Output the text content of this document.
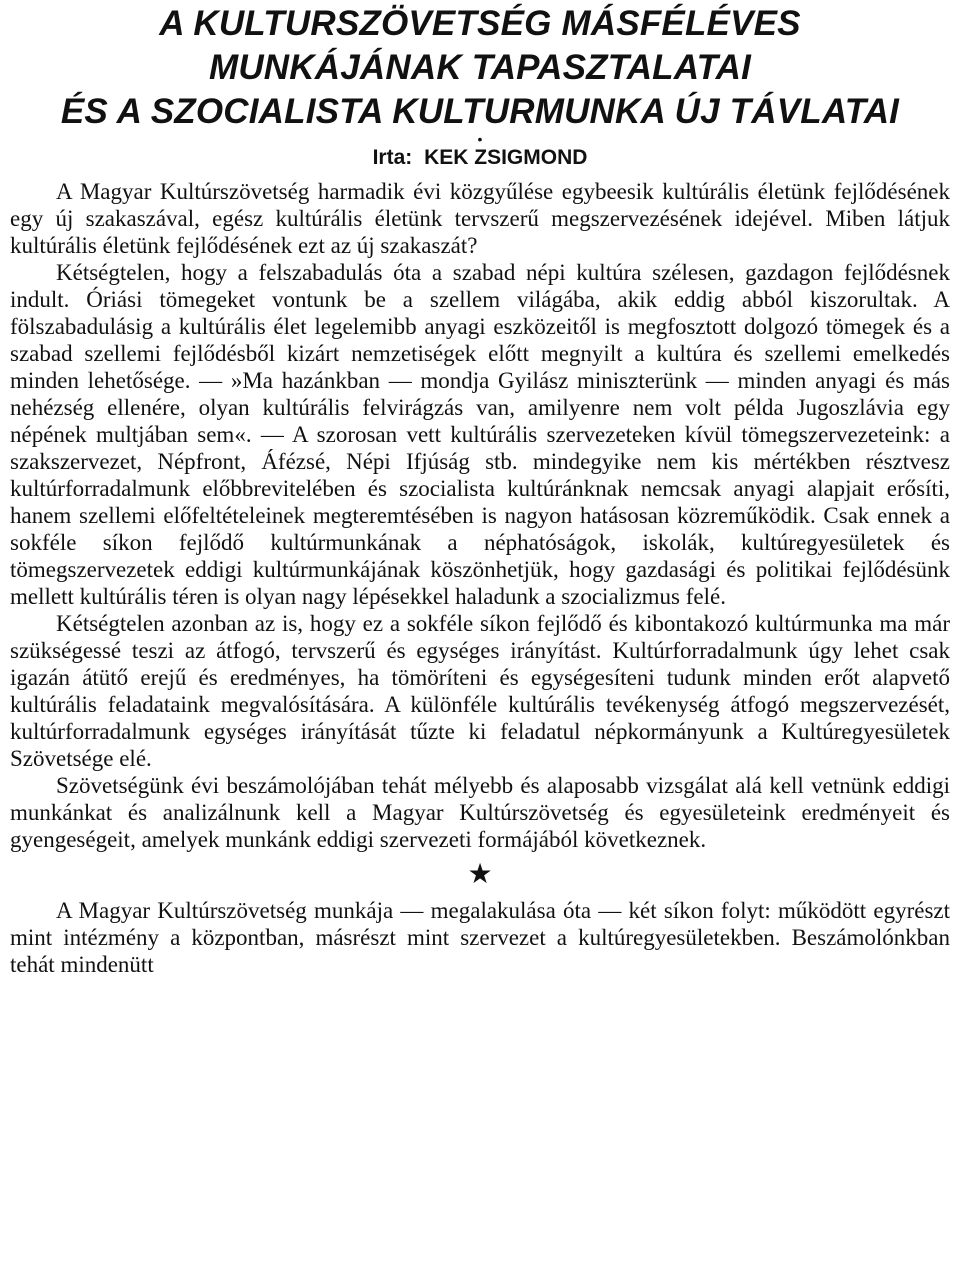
A KULTURSZÖVETSÉG MÁSFÉLÉVES
MUNKÁJÁNAK TAPASZTALATAI
ÉS A SZOCIALISTA KULTURMUNKA ÚJ TÁVLATAI
•
Irta: KEK ZSIGMOND

A Magyar Kultúrszövetség harmadik évi közgyűlése egybeesik kultúrális életünk fejlődésének egy új szakaszával, egész kultúrális életünk tervszerű megszervezésének idejével. Miben látjuk kultúrális életünk fejlődésének ezt az új szakaszát?

Kétségtelen, hogy a felszabadulás óta a szabad népi kultúra szélesen, gazdagon fejlődésnek indult. Óriási tömegeket vontunk be a szellem világába, akik eddig abból kiszorultak. A fölszabadulásig a kultúrális élet legelemibb anyagi eszközeitől is megfosztott dolgozó tömegek és a szabad szellemi fejlődésből kizárt nemzetiségek előtt megnyilt a kultúra és szellemi emelkedés minden lehetősége. — »Ma hazánkban — mondja Gyilász miniszterünk — minden anyagi és más nehézség ellenére, olyan kultúrális felvirágzás van, amilyenre nem volt példa Jugoszlávia egy népének multjában sem«. — A szorosan vett kultúrális szervezeteken kívül tömegszervezeteink: a szakszervezet, Népfront, Áfézsé, Népi Ifjúság stb. mindegyike nem kis mértékben résztvesz kultúrforradalmunk előbbrevitelében és szocialista kultúránknak nemcsak anyagi alapjait erősíti, hanem szellemi előfeltételeinek megteremtésében is nagyon hatásosan közreműködik. Csak ennek a sokféle síkon fejlődő kultúrmunkának a néphatóságok, iskolák, kultúregyesületek és tömegszervezetek eddigi kultúrmunkájának köszönhetjük, hogy gazdasági és politikai fejlődésünk mellett kultúrális téren is olyan nagy lépésekkel haladunk a szocializmus felé.

Kétségtelen azonban az is, hogy ez a sokféle síkon fejlődő és kibontakozó kultúrmunka ma már szükségessé teszi az átfogó, tervszerű és egységes irányítást. Kultúrforradalmunk úgy lehet csak igazán átütő erejű és eredményes, ha tömöríteni és egységesíteni tudunk minden erőt alapvető kultúrális feladataink megvalósítására. A különféle kultúrális tevékenység átfogó megszervezését, kultúrforradalmunk egységes irányítását tűzte ki feladatul népkormányunk a Kultúregyesületek Szövetsége elé.

Szövetségünk évi beszámolójában tehát mélyebb és alaposabb vizsgálat alá kell vetnünk eddigi munkánkat és analizálnunk kell a Magyar Kultúrszövetség és egyesületeink eredményeit és gyengeségeit, amelyek munkánk eddigi szervezeti formájából következnek.

★

A Magyar Kultúrszövetség munkája — megalakulása óta — két síkon folyt: működött egyrészt mint intézmény a központban, másrészt mint szervezet a kultúregyesületekben. Beszámolónkban tehát mindenütt
